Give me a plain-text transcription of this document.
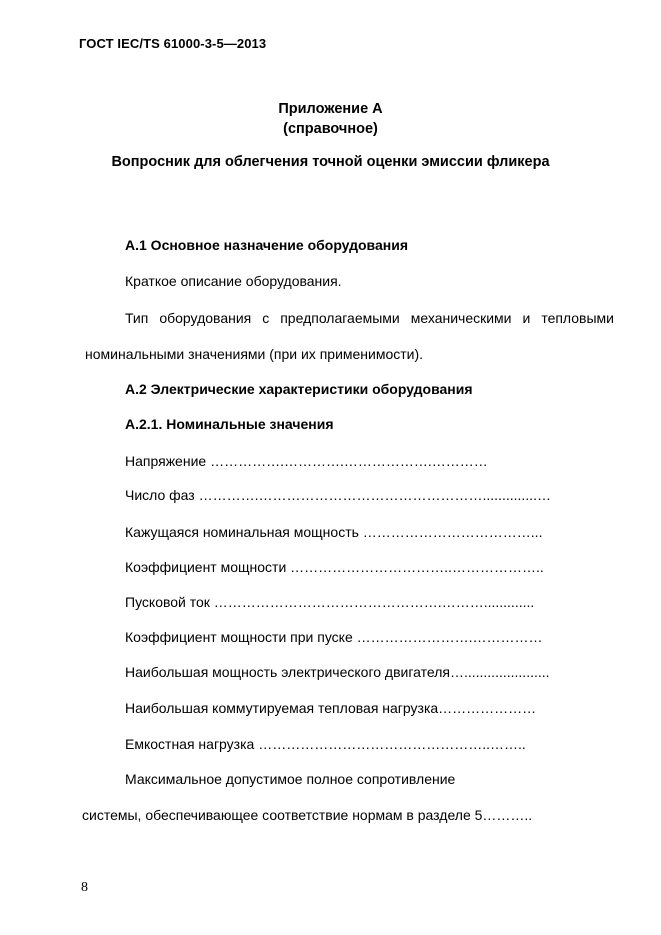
ГОСТ IEC/TS 61000-3-5—2013
Приложение А
(справочное)
Вопросник для облегчения точной оценки эмиссии фликера
А.1 Основное назначение оборудования
Краткое описание оборудования.
Тип оборудования с предполагаемыми механическими и тепловыми
номинальными значениями (при их применимости).
А.2 Электрические характеристики оборудования
А.2.1. Номинальные значения
Напряжение …………….………….……………….…………
Число фаз ………….…………………………………………..............…
Кажущаяся номинальная мощность ………………………………...
Коэффициент мощности ……………………………..………………..
Пусковой ток ………………………………………….……….............
Коэффициент мощности при пуске …………………….……………
Наибольшая мощность электрического двигателя…......................
Наибольшая коммутируемая тепловая нагрузка…………………
Емкостная нагрузка …………………………………………..……..
Максимальное допустимое полное сопротивление
системы, обеспечивающее соответствие нормам в разделе 5………..
8
